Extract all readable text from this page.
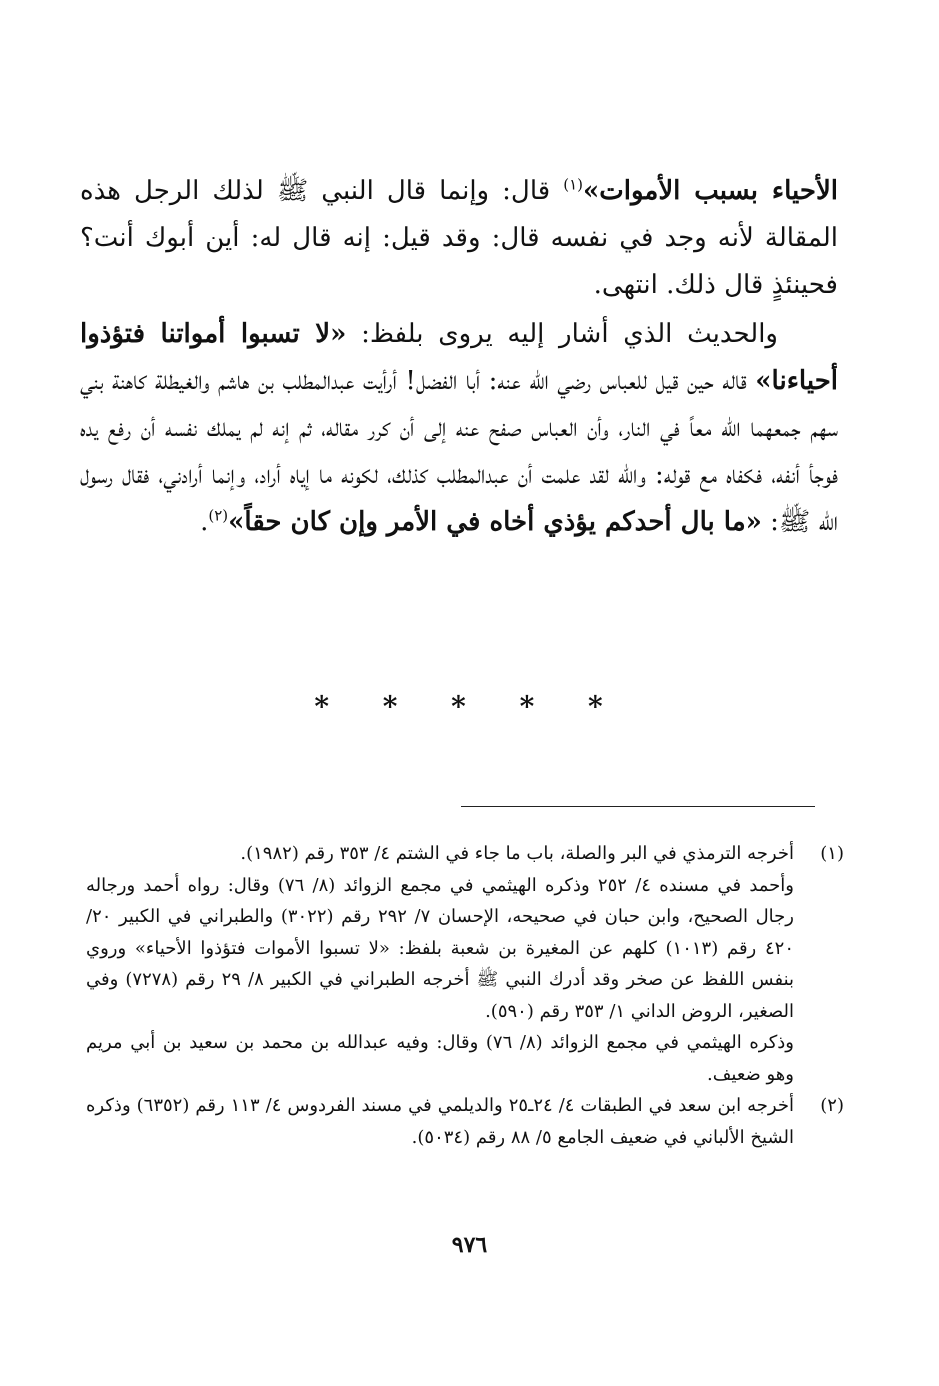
الأحياء بسبب الأموات»$^{(١)}$ قال: وإنما قال النبي ﷺ لذلك الرجل هذه المقالة لأنه وجد في نفسه قال: وقد قيل: إنه قال له: أين أبوك أنت؟ فحينئذٍ قال ذلك. انتهى.

والحديث الذي أشار إليه يروى بلفظ: «لا تسبوا أمواتنا فتؤذوا أحياءنا» قاله حين قيل للعباس رضي الله عنه: أبا الفضل! أرأيت عبدالمطلب بن هاشم والغيطلة كاهنة بني سهم جمعهما الله معاً في النار، وأن العباس صفح عنه إلى أن كرر مقاله، ثم إنه لم يملك نفسه أن رفع يده فوجأ أنفه، فكفاه مع قوله: والله لقد علمت أن عبدالمطلب كذلك، لكونه ما إياه أراد، وإنما أرادني، فقال رسول الله ﷺ: «ما بال أحدكم يؤذي أخاه في الأمر وإن كان حقاً»$^{(٢)}$.

* * * * *
(١)

أخرجه الترمذي في البر والصلة، باب ما جاء في الشتم ٤/ ٣٥٣ رقم (١٩٨٢).

وأحمد في مسنده ٤/ ٢٥٢ وذكره الهيثمي في مجمع الزوائد (٨/ ٧٦) وقال: رواه أحمد ورجاله رجال الصحيح، وابن حبان في صحيحه، الإحسان ٧/ ٢٩٢ رقم (٣٠٢٢) والطبراني في الكبير ٢٠/ ٤٢٠ رقم (١٠١٣) كلهم عن المغيرة بن شعبة بلفظ: «لا تسبوا الأموات فتؤذوا الأحياء» وروي بنفس اللفظ عن صخر وقد أدرك النبي ﷺ أخرجه الطبراني في الكبير ٨/ ٢٩ رقم (٧٢٧٨) وفي الصغير، الروض الداني ١/ ٣٥٣ رقم (٥٩٠).

وذكره الهيثمي في مجمع الزوائد (٨/ ٧٦) وقال: وفيه عبدالله بن محمد بن سعيد بن أبي مريم وهو ضعيف.

(٢)

أخرجه ابن سعد في الطبقات ٤/ ٢٤ـ٢٥ والديلمي في مسند الفردوس ٤/ ١١٣ رقم (٦٣٥٢) وذكره الشيخ الألباني في ضعيف الجامع ٥/ ٨٨ رقم (٥٠٣٤).

٩٧٦
